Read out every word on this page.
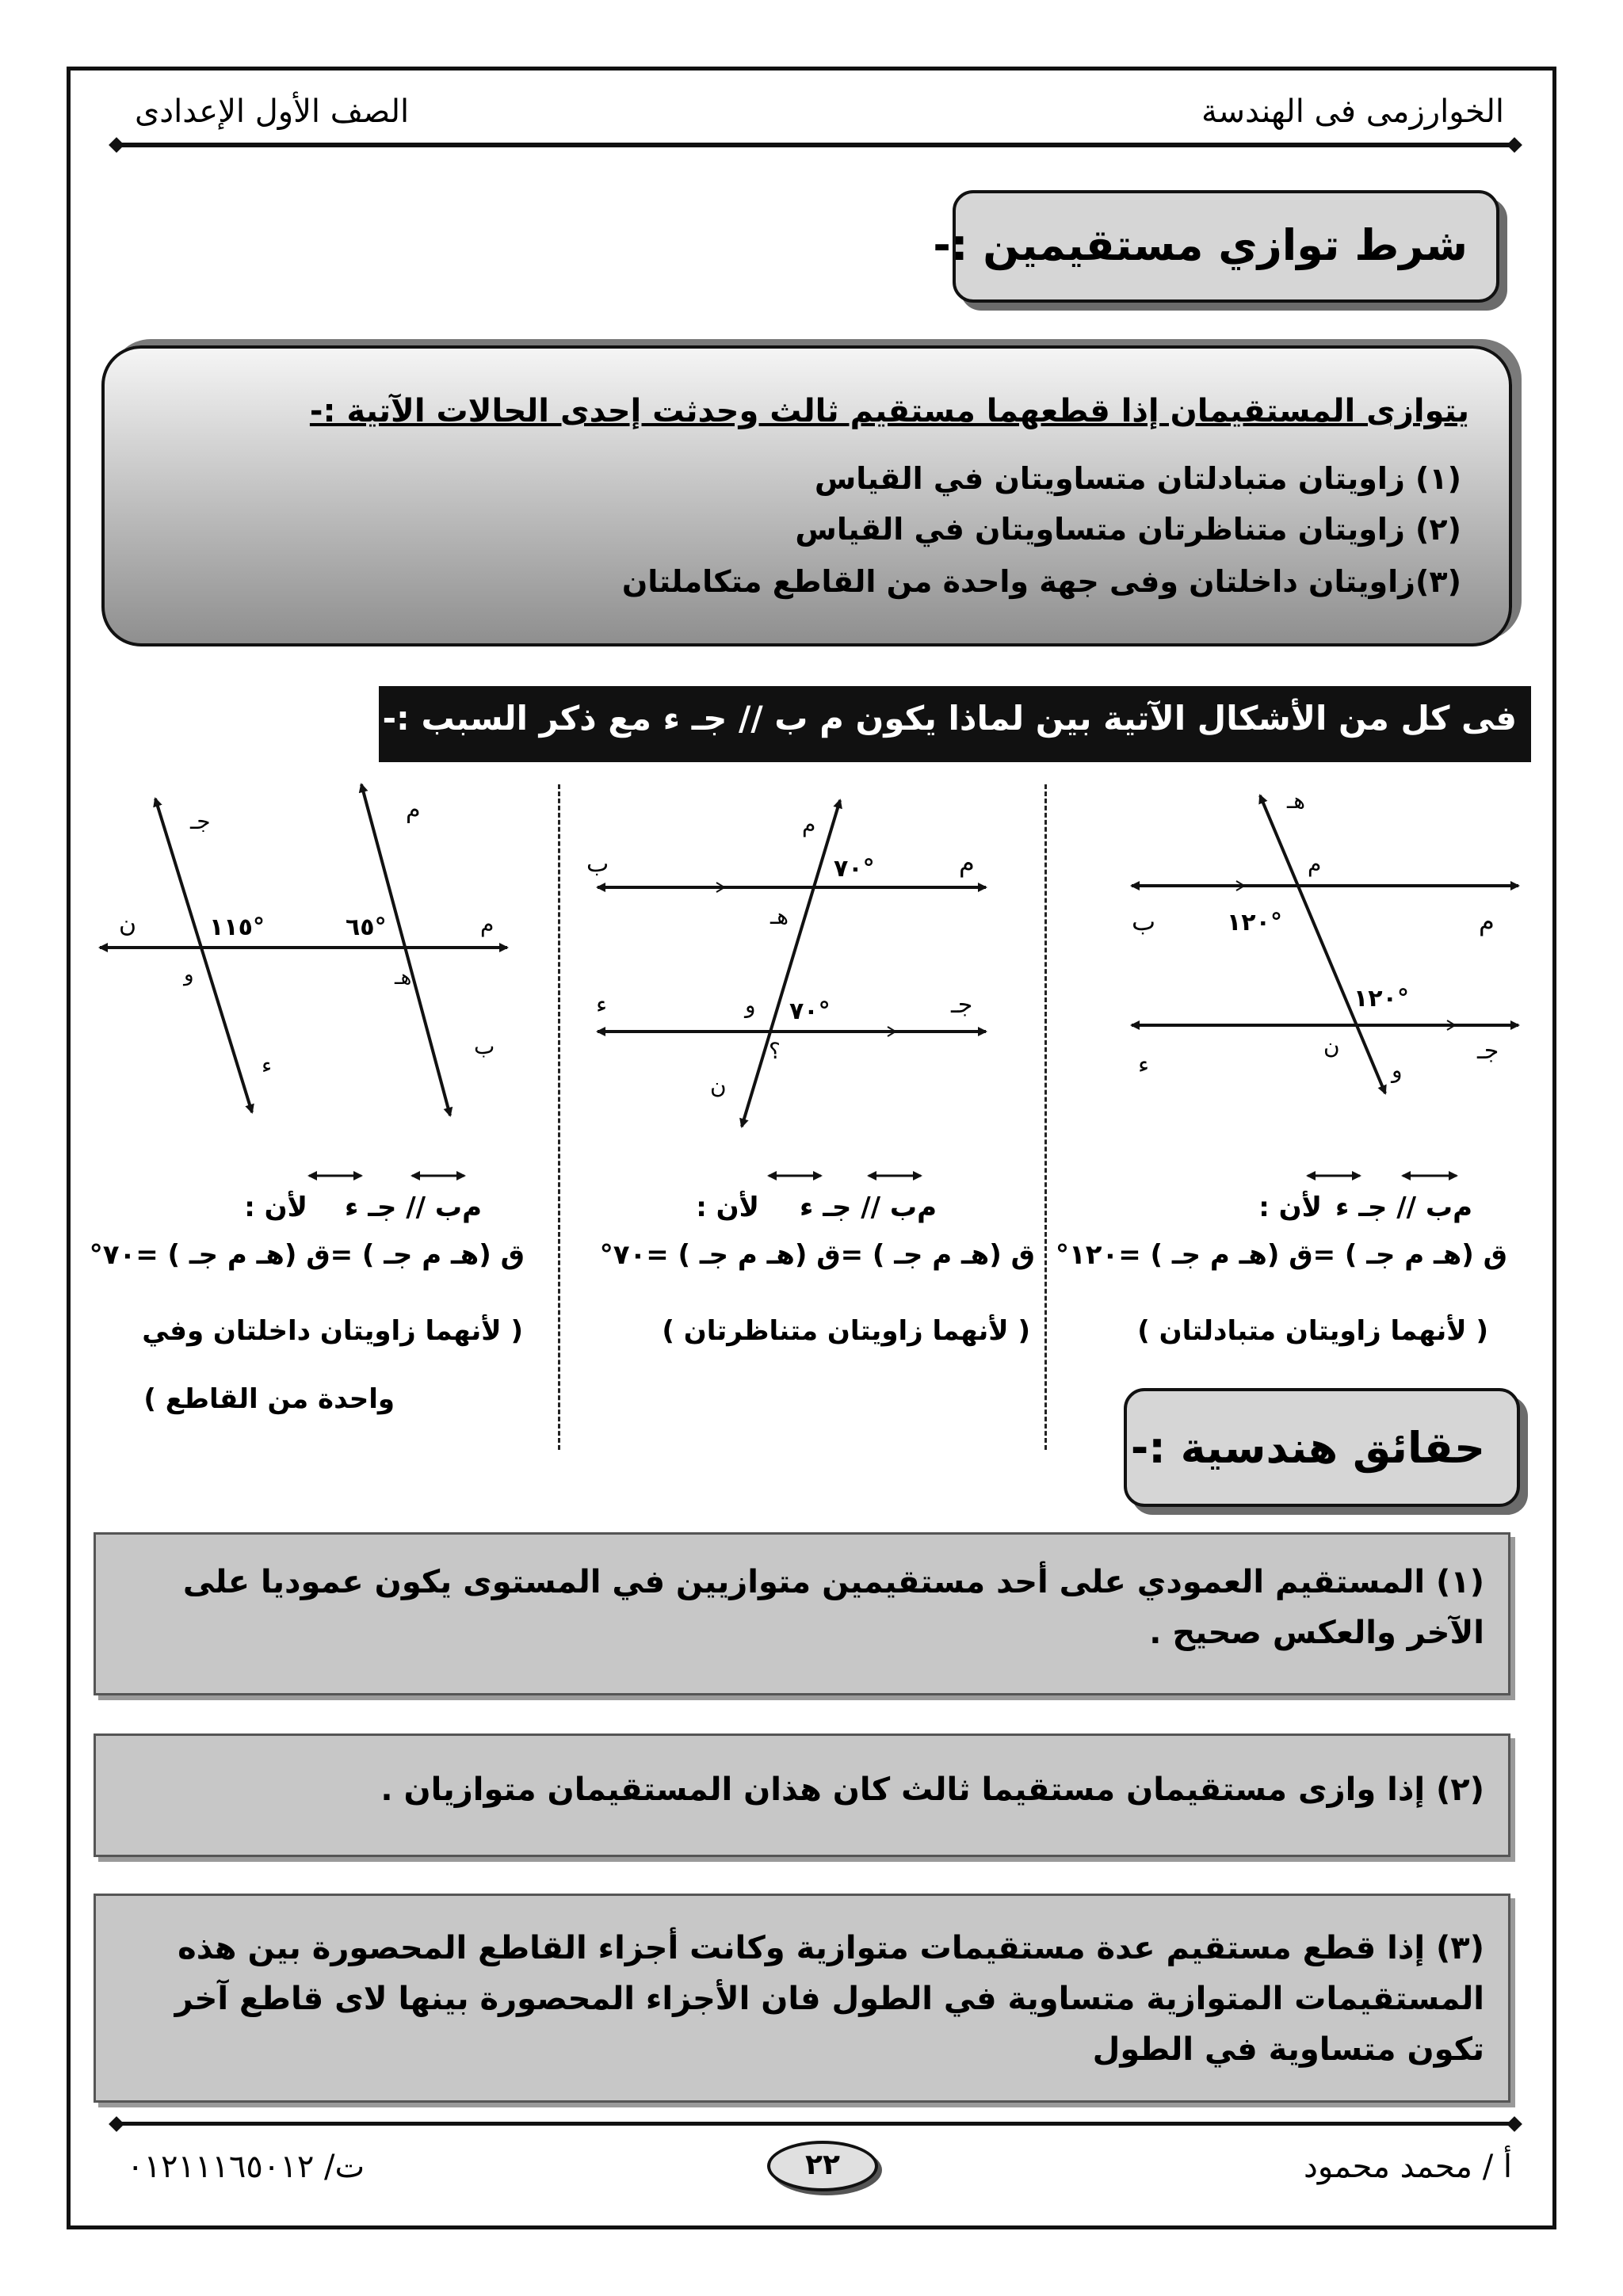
الخوارزمى فى الهندسة
الصف الأول الإعدادى
شرط توازي مستقيمين :-
يتوازى المستقيمان إذا قطعهما مستقيم ثالث وحدثت إحدى الحالات الآتية :-
(١) زاويتان متبادلتان متساويتان في القياس
(٢) زاويتان متناظرتان متساويتان في القياس
(٣)زاويتان داخلتان وفى جهة واحدة من القاطع متكاملتان
فى كل من الأشكال الآتية بين لماذا يكون ﻡ ب // جـ ء مع ذكر السبب :-
هـ
م
ﻡ
ب	١٢٠°
١٢٠°
جـ
ء
ن
و
م
ﻡ
ب	٧٠°
هـ
جـ
ء	و ٧٠°
؟
ن
ﻡ
ب
جـ
ء
م
ن	٦٥°
١١٥°
هـ
و
ﻡب // جـ ء
لأن :
ﻕ (هـ ﻡ جـ ) =ﻕ (هـ ﻡ جـ ) =١٢٠°
( لأنهما زاويتان متبادلتان )
ﻡب // جـ ء
لأن :
ﻕ (هـ ﻡ جـ ) =ﻕ (هـ ﻡ جـ ) =٧٠°
( لأنهما زاويتان متناظرتان )
ﻡب // جـ ء
لأن :
ﻕ (هـ ﻡ جـ ) =ﻕ (هـ ﻡ جـ ) =٧٠°
( لأنهما زاويتان داخلتان وفي
واحدة من القاطع )
حقائق هندسية :-
(١) المستقيم العمودي على أحد مستقيمين متوازيين في المستوى يكون عموديا على الآخر والعكس صحيح .
(٢) إذا وازى مستقيمان مستقيما ثالث كان هذان المستقيمان متوازيان .
(٣) إذا قطع مستقيم عدة مستقيمات متوازية وكانت أجزاء القاطع المحصورة بين هذه المستقيمات المتوازية متساوية في الطول فان الأجزاء المحصورة بينها لاى قاطع آخر تكون متساوية في الطول
أ / محمد محمود
٢٢
ت/ ٠١٢١١١٦٥٠١٢
